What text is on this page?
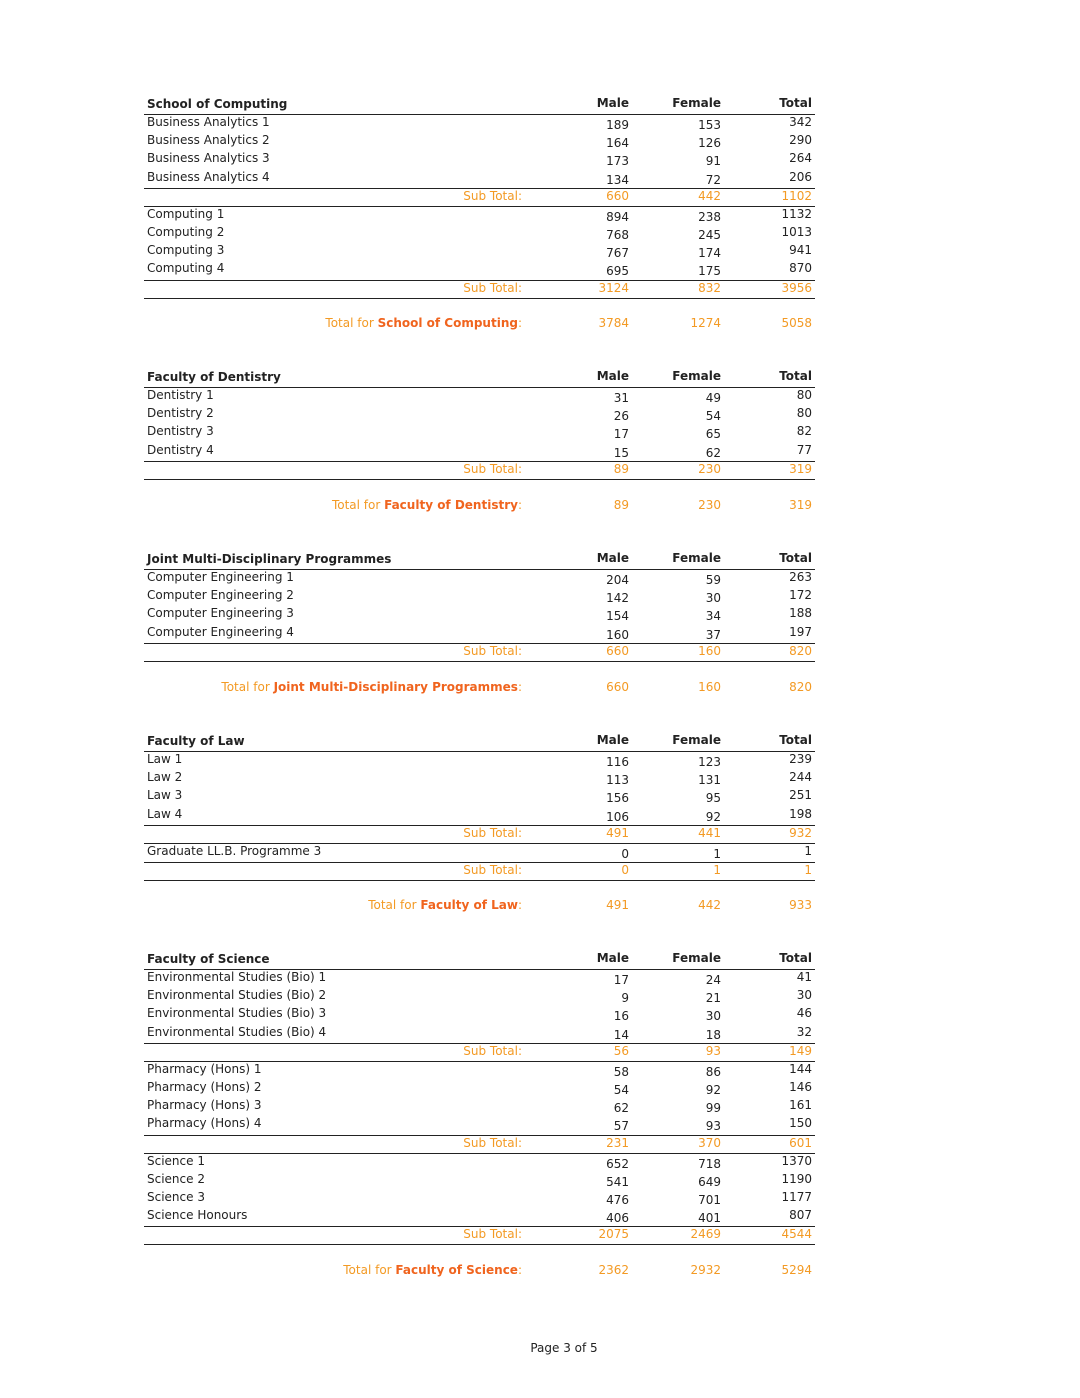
School of Computing	Male	Female	Total
Business Analytics 1	189	153	342
Business Analytics 2	164	126	290
Business Analytics 3	173	91	264
Business Analytics 4	134	72	206
Sub Total:	660	442	1102
Computing 1	894	238	1132
Computing 2	768	245	1013
Computing 3	767	174	941
Computing 4	695	175	870
Sub Total:	3124	832	3956
Total for School of Computing:	3784	1274	5058
Faculty of Dentistry	Male	Female	Total
Dentistry 1	31	49	80
Dentistry 2	26	54	80
Dentistry 3	17	65	82
Dentistry 4	15	62	77
Sub Total:	89	230	319
Total for Faculty of Dentistry:	89	230	319
Joint Multi-Disciplinary Programmes	Male	Female	Total
Computer Engineering 1	204	59	263
Computer Engineering 2	142	30	172
Computer Engineering 3	154	34	188
Computer Engineering 4	160	37	197
Sub Total:	660	160	820
Total for Joint Multi-Disciplinary Programmes:	660	160	820
Faculty of Law	Male	Female	Total
Law 1	116	123	239
Law 2	113	131	244
Law 3	156	95	251
Law 4	106	92	198
Sub Total:	491	441	932
Graduate LL.B. Programme 3	0	1	1
Sub Total:	0	1	1
Total for Faculty of Law:	491	442	933
Faculty of Science	Male	Female	Total
Environmental Studies (Bio) 1	17	24	41
Environmental Studies (Bio) 2	9	21	30
Environmental Studies (Bio) 3	16	30	46
Environmental Studies (Bio) 4	14	18	32
Sub Total:	56	93	149
Pharmacy (Hons) 1	58	86	144
Pharmacy (Hons) 2	54	92	146
Pharmacy (Hons) 3	62	99	161
Pharmacy (Hons) 4	57	93	150
Sub Total:	231	370	601
Science 1	652	718	1370
Science 2	541	649	1190
Science 3	476	701	1177
Science Honours	406	401	807
Sub Total:	2075	2469	4544
Total for Faculty of Science:	2362	2932	5294
Page 3 of 5
